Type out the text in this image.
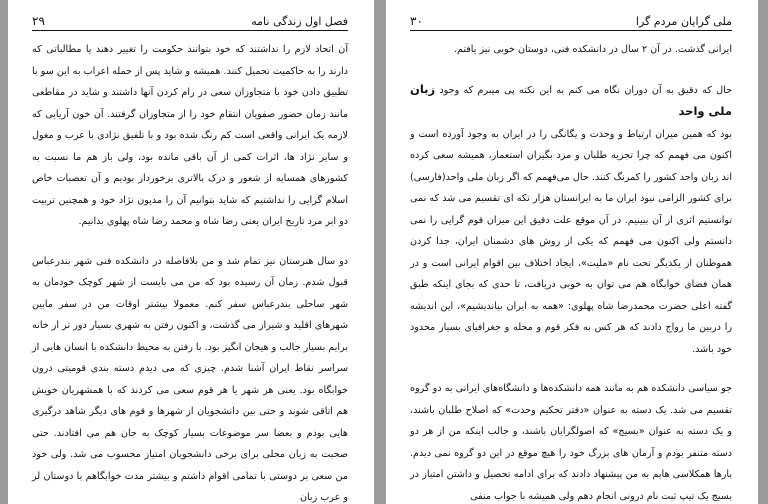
۲۹	فصل اول زندگی نامه

آن اتحاد لازم را نداشتند که خود بتوانند حکومت را تغییر دهند یا مطالباتی که دارند را به حاکمیت تحمیل کنند. همیشه و شاید پس از حمله اعراب به این سو با تطبیق دادن خود با متجاوزان سعی در رام کردن آنها داشتند و شاید در مقاطعی مانند زمان حضور صفویان انتقام خود را از متجاوزان گرفتند. آن خون آریایی که لازمه یک ایرانی واقعی است کم رنگ شده بود و با تلفیق نژادی با عرب و مغول و سایر نژاد ها، اثرات کمی از آن باقی مانده بود، ولی باز هم ما نسبت به کشورهای همسایه از شعور و درک بالاتری برخوردار بودیم و آن تعصبات خاص اسلام گرایی را نداشتیم که شاید بتوانیم آن را مدیون نژاد خود و همچنین تربیت دو ابر مرد تاریخ ایران یعنی رضا شاه و محمد رضا شاه پهلوی بدانیم.

دو سال هنرستان نیز تمام شد و من بلافاصله در دانشکده فنی شهر بندرعباس قبول شدم. زمان آن رسیده بود که من می بایست از شهر کوچک خودمان به شهر ساحلی بندرعباس سفر کنم. معمولا بیشتر اوقات من در سفر مابین شهرهای اقلید و شیراز می گذشت، و اکنون رفتن به شهری بسیار دور تر از خانه برایم بسیار جالب و هیجان انگیز بود. با رفتن به محیط دانشکده با انسان هایی از سراسر نقاط ایران آشنا شدم. چیزی که می دیدم دسته بندی قومیتی درون خوابگاه بود. یعنی هر شهر یا هر قوم سعی می کردند که با همشهریان خویش هم اتاقی شوند و حتی بین دانشجویان از شهرها و قوم های دیگر شاهد درگیری هایی بودم و بعضا سر موضوعات بسیار کوچک به جان هم می افتادند. حتی صحبت به زبان محلی برای برخی دانشجویان امتیاز محسوب می شد. ولی خود من سعی بر دوستی با تمامی اقوام داشتم و بیشتر مدت خوابگاهم با دوستان لر و عرب زبان

۳۰	ملی گرایان مردم گرا

ایرانی گذشت. در آن ۲ سال در دانشکده فنی، دوستان خوبی نیز یافتم.

حال که دقیق به آن دوران نگاه می کنم به این نکته پی میبرم که وجود زبان ملی واحد

بود که همین میزان ارتباط و وحدت و یگانگی را در ایران به وجود آورده است و اکنون می فهمم که چرا تجزیه طلبان و مزد بگیران استعمار، همیشه سعی کرده اند زبان واحد کشور را کمرنگ کنند. حال می‌فهمم که اگر زبان ملی واحد(فارسی) برای کشور الزامی نبود ایران ما به ایرانستان هزار تکه ای تقسیم می شد که نمی توانستیم اثری از آن ببینیم. در آن موقع علت دقیق این میزان قوم گرایی را نمی دانستم ولی اکنون می فهمم که یکی از روش های دشمنان ایران، جدا کردن هموطنان از یکدیگر تحت نام «ملیت»، ایجاد اختلاف بین اقوام ایرانی است و در همان فضای خوابگاه هم می توان به خوبی دریافت، تا حدی که بجای اینکه طبق گفته اعلی حضرت محمدرضا شاه پهلوی: «همه به ایران بیاندیشیم»، این اندیشه را دربین ما رواج دادند که هر کس به فکر قوم و محله و جغرافیای بسیار محدود خود باشد.

جو سیاسی دانشکده هم به مانند همه دانشکده‌ها و دانشگاه‌های ایرانی به دو گروه تقسیم می شد. یک دسته به عنوان «دفتر تحکیم وحدت» که اصلاح طلبان باشند، و یک دسته به عنوان «بسیج» که اصولگرایان باشند، و جالب اینکه من از هر دو دسته متنفر بودم و آرمان های بزرگ خود را هیچ موقع در این دو گروه نمی دیدم. بارها همکلاسی هایم به من پیشنهاد دادند که برای ادامه تحصیل و داشتن امتیاز در بسیج یک تیپ ثبت نام درونی انجام دهم ولی همیشه با جواب منفی
